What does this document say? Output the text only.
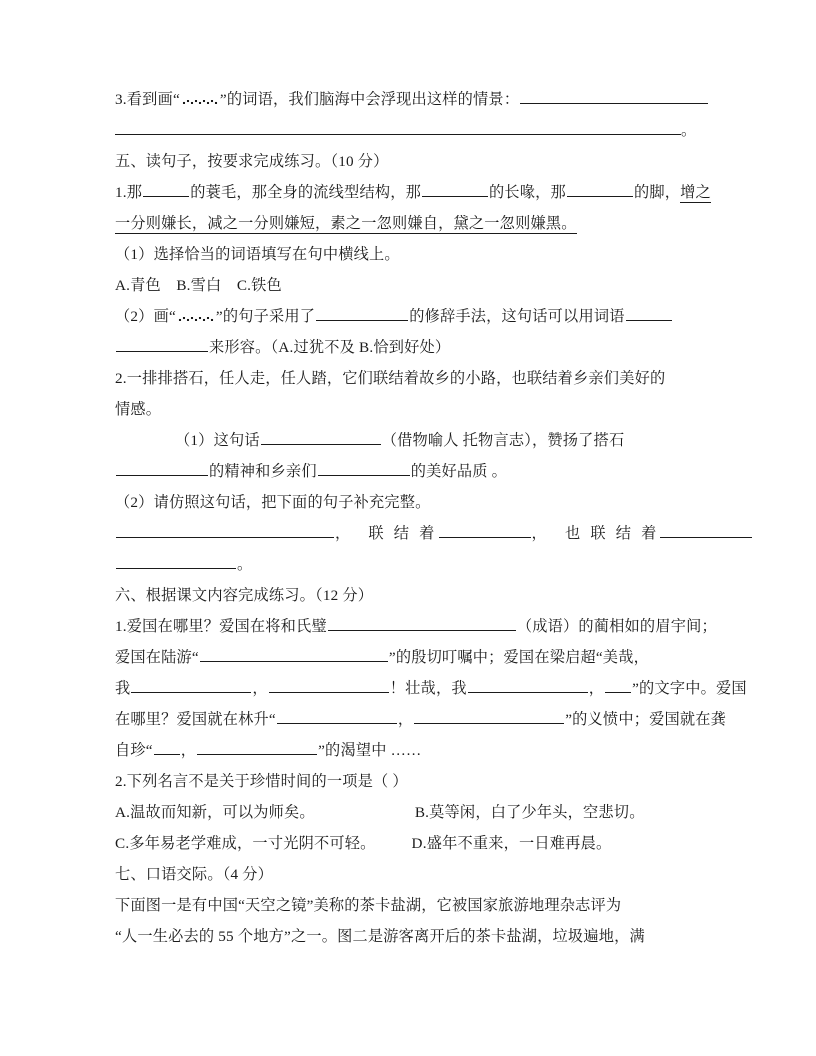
3.看到画“	”的词语，我们脑海中会浮现出这样的情景：
。
五、读句子，按要求完成练习。（10 分）
1.那	的蓑毛，那全身的流线型结构，那	的长喙，那	的脚，增之
一分则嫌长，减之一分则嫌短，素之一忽则嫌自，黛之一忽则嫌黑。
（1）选择恰当的词语填写在句中横线上。
A.青色　B.雪白　C.铁色
（2）画“	”的句子采用了	的修辞手法，这句话可以用词语
来形容。（A.过犹不及 B.恰到好处）
2.一排排搭石，任人走，任人踏，它们联结着故乡的小路，也联结着乡亲们美好的
情感。
（1）这句话	（借物喻人 托物言志），赞扬了搭石
的精神和乡亲们	的美好品质 。
（2）请仿照这句话，把下面的句子补充完整。
， 联 结 着	， 也 联 结 着
。
六、根据课文内容完成练习。（12 分）
1.爱国在哪里？爱国在将和氏璧	（成语）的蔺相如的眉宇间；
爱国在陆游“	”的殷切叮嘱中；爱国在梁启超“美哉，
我	，	！壮哉，我	， ”的文字中。爱国
在哪里？爱国就在林升“	，	”的义愤中；爱国就在龚
自珍“ ，	”的渴望中 ……
2.下列名言不是关于珍惜时间的一项是（ ）
A.温故而知新，可以为师矣。	B.莫等闲，白了少年头，空悲切。
C.多年易老学难成，一寸光阴不可轻。 D.盛年不重来，一日难再晨。
七、口语交际。（4 分）
下面图一是有中国“天空之镜”美称的茶卡盐湖，它被国家旅游地理杂志评为
“人一生必去的 55 个地方”之一。图二是游客离开后的茶卡盐湖，垃圾遍地，满
